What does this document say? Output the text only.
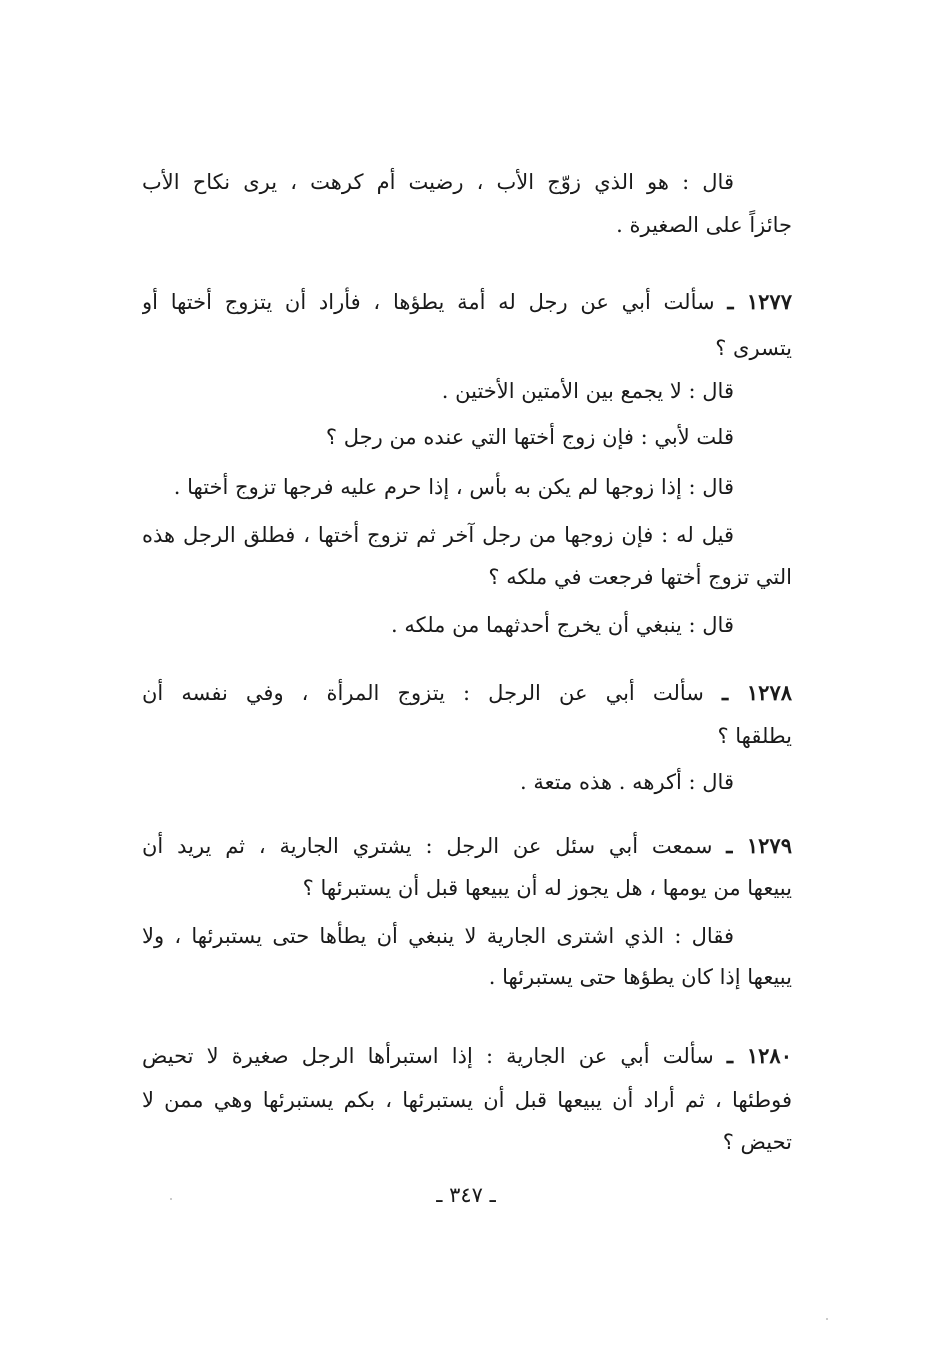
قال : هو الذي زوّج الأب ، رضيت أم كرهت ، يرى نكاح الأب
جائزاً على الصغيرة .
١٢٧٧ ـ سألت أبي عن رجل له أمة يطؤها ، فأراد أن يتزوج أختها أو
يتسرى ؟
قال : لا يجمع بين الأمتين الأختين .
قلت لأبي : فإن زوج أختها التي عنده من رجل ؟
قال : إذا زوجها لم يكن به بأس ، إذا حرم عليه فرجها تزوج أختها .
قيل له : فإن زوجها من رجل آخر ثم تزوج أختها ، فطلق الرجل هذه
التي تزوج أختها فرجعت في ملكه ؟
قال : ينبغي أن يخرج أحدثهما من ملكه .
١٢٧٨ ـ سألت أبي عن الرجل : يتزوج المرأة ، وفي نفسه أن
يطلقها ؟
قال : أكرهه . هذه متعة .
١٢٧٩ ـ سمعت أبي سئل عن الرجل : يشتري الجارية ، ثم يريد أن
يبيعها من يومها ، هل يجوز له أن يبيعها قبل أن يستبرئها ؟
فقال : الذي اشترى الجارية لا ينبغي أن يطأها حتى يستبرئها ، ولا
يبيعها إذا كان يطؤها حتى يستبرئها .
١٢٨٠ ـ سألت أبي عن الجارية : إذا استبرأها الرجل صغيرة لا تحيض
فوطئها ، ثم أراد أن يبيعها قبل أن يستبرئها ، بكم يستبرئها وهي ممن لا
تحيض ؟
ـ ٣٤٧ ـ
